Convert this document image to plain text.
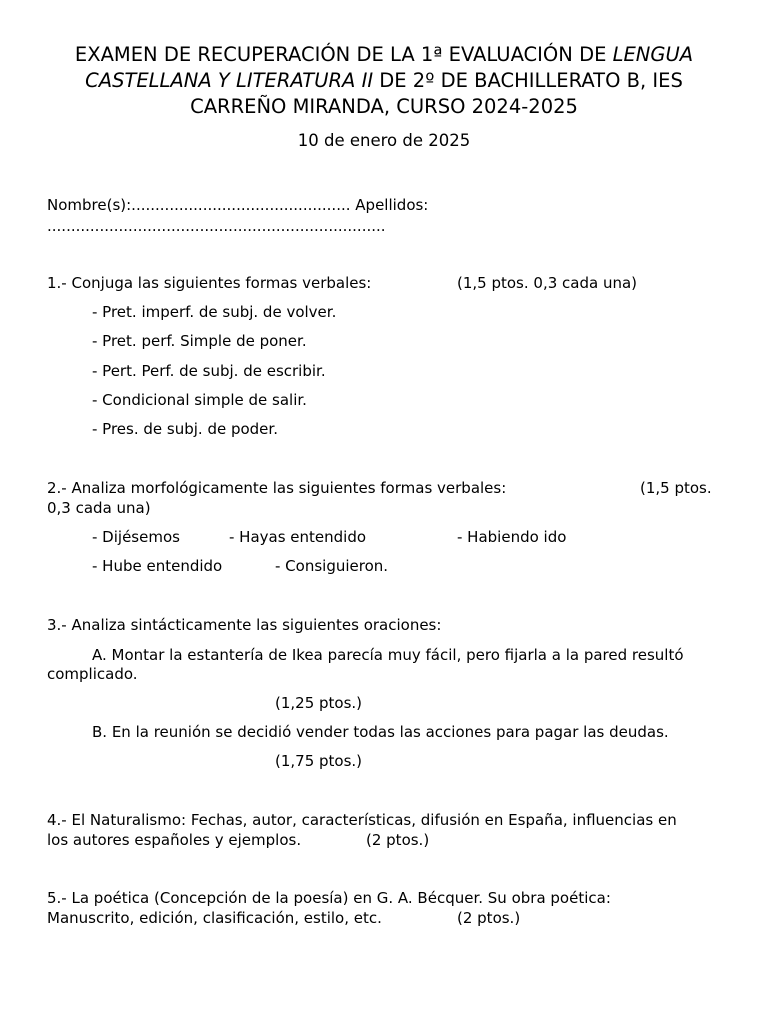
EXAMEN DE RECUPERACIÓN DE LA 1ª EVALUACIÓN DE LENGUA CASTELLANA Y LITERATURA II DE 2º DE BACHILLERATO B, IES CARREÑO MIRANDA, CURSO 2024-2025
10 de enero de 2025
Nombre(s):.............................................. Apellidos:
.......................................................................
1.- Conjuga las siguientes formas verbales:	(1,5 ptos. 0,3 cada una)
- Pret. imperf. de subj. de volver.
- Pret. perf. Simple de poner.
- Pert. Perf. de subj. de escribir.
- Condicional simple de salir.
- Pres. de subj. de poder.
2.- Analiza morfológicamente las siguientes formas verbales:	(1,5 ptos.
0,3 cada una)
- Dijésemos	- Hayas entendido	- Habiendo ido
- Hube entendido	- Consiguieron.
3.- Analiza sintácticamente las siguientes oraciones:
A. Montar la estantería de Ikea parecía muy fácil, pero fijarla a la pared resultó
complicado.
(1,25 ptos.)
B. En la reunión se decidió vender todas las acciones para pagar las deudas.
(1,75 ptos.)
4.- El Naturalismo: Fechas, autor, características, difusión en España, influencias en
los autores españoles y ejemplos.	(2 ptos.)
5.- La poética (Concepción de la poesía) en G. A. Bécquer. Su obra poética:
Manuscrito, edición, clasificación, estilo, etc.	(2 ptos.)
